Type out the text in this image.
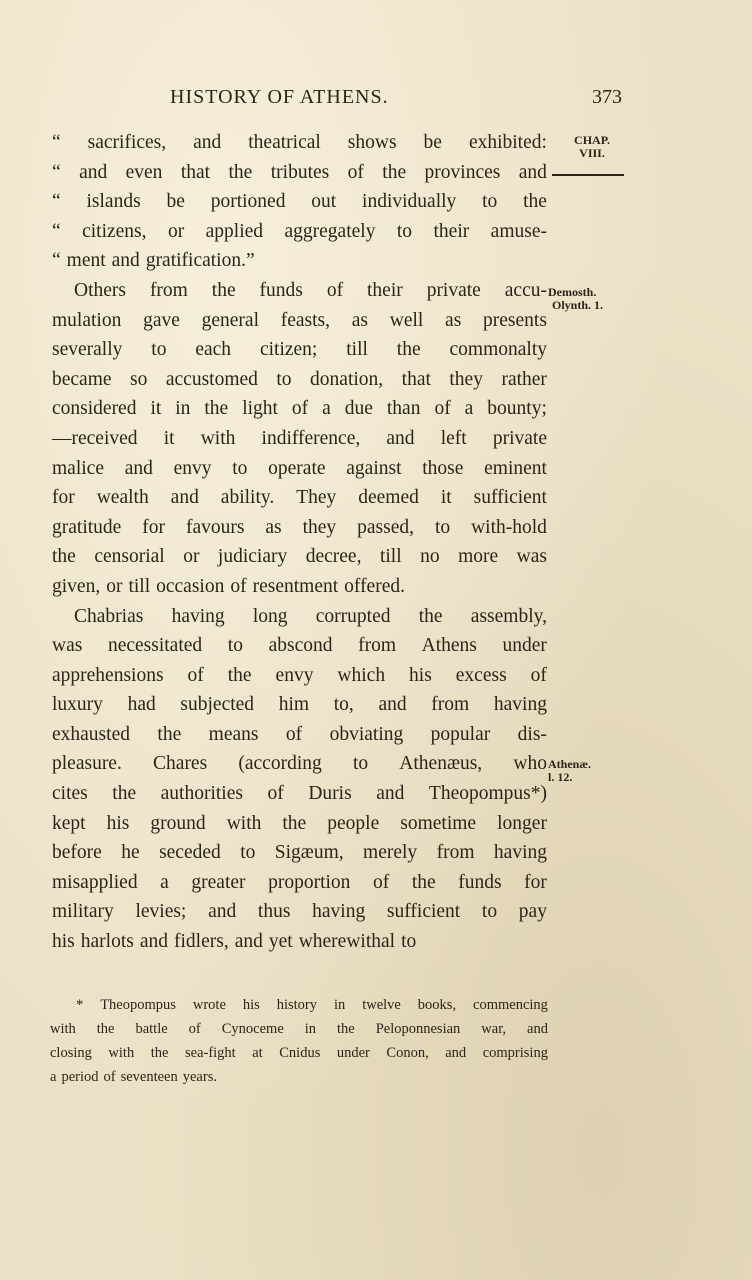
HISTORY OF ATHENS.	373
CHAP.
VIII.
Demosth.
Olynth. 1.
Athenæ.
l. 12.
“ sacrifices, and theatrical shows be exhibited:
“ and even that the tributes of the provinces and
“ islands be portioned out individually to the
“ citizens, or applied aggregately to their amuse-
“ ment and gratification.”
Others from the funds of their private accu-
mulation gave general feasts, as well as presents
severally to each citizen; till the commonalty
became so accustomed to donation, that they rather
considered it in the light of a due than of a bounty;
—received it with indifference, and left private
malice and envy to operate against those eminent
for wealth and ability. They deemed it sufficient
gratitude for favours as they passed, to with-hold
the censorial or judiciary decree, till no more was
given, or till occasion of resentment offered.
Chabrias having long corrupted the assembly,
was necessitated to abscond from Athens under
apprehensions of the envy which his excess of
luxury had subjected him to, and from having
exhausted the means of obviating popular dis-
pleasure. Chares (according to Athenæus, who
cites the authorities of Duris and Theopompus*)
kept his ground with the people sometime longer
before he seceded to Sigæum, merely from having
misapplied a greater proportion of the funds for
military levies; and thus having sufficient to pay
his harlots and fidlers, and yet wherewithal to
* Theopompus wrote his history in twelve books, commencing
with the battle of Cynoceme in the Peloponnesian war, and
closing with the sea-fight at Cnidus under Conon, and comprising
a period of seventeen years.
